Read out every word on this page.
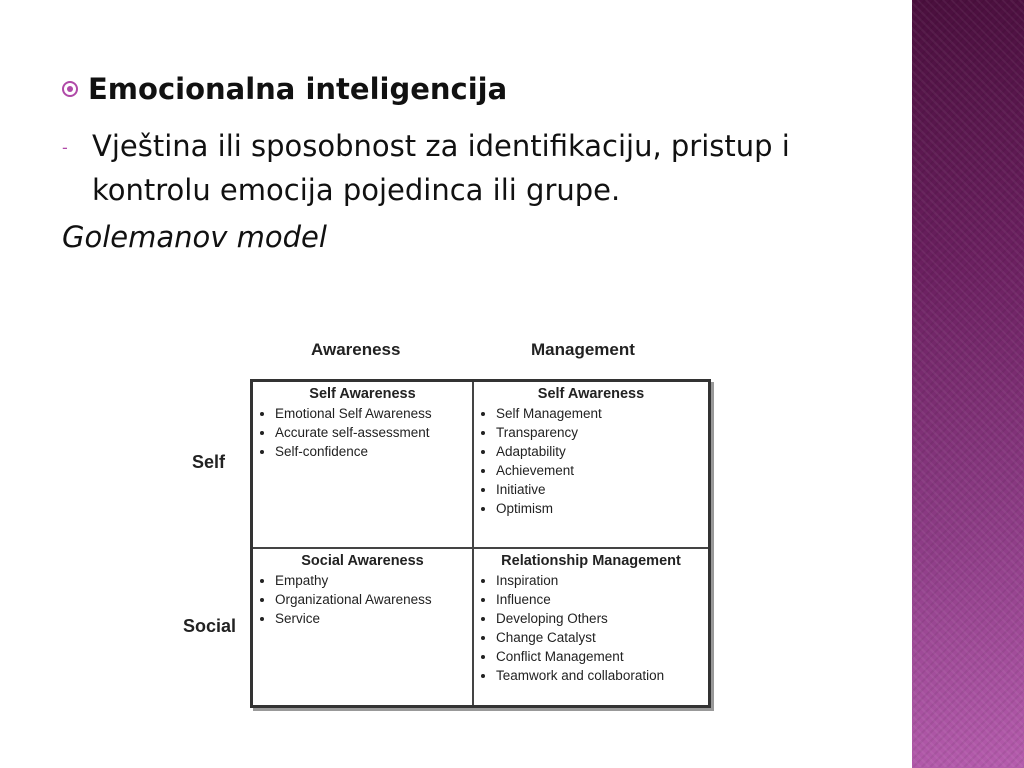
Emocionalna inteligencija
- Vještina ili sposobnost za identifikaciju, pristup i kontrolu emocija pojedinca ili grupe.
Golemanov model
Awareness	Management
Self
Social
Self Awareness
• Emotional Self Awareness
• Accurate self-assessment
• Self-confidence
Self Awareness
• Self Management
• Transparency
• Adaptability
• Achievement
• Initiative
• Optimism
Social Awareness
• Empathy
• Organizational Awareness
• Service
Relationship Management
• Inspiration
• Influence
• Developing Others
• Change Catalyst
• Conflict Management
• Teamwork and collaboration
